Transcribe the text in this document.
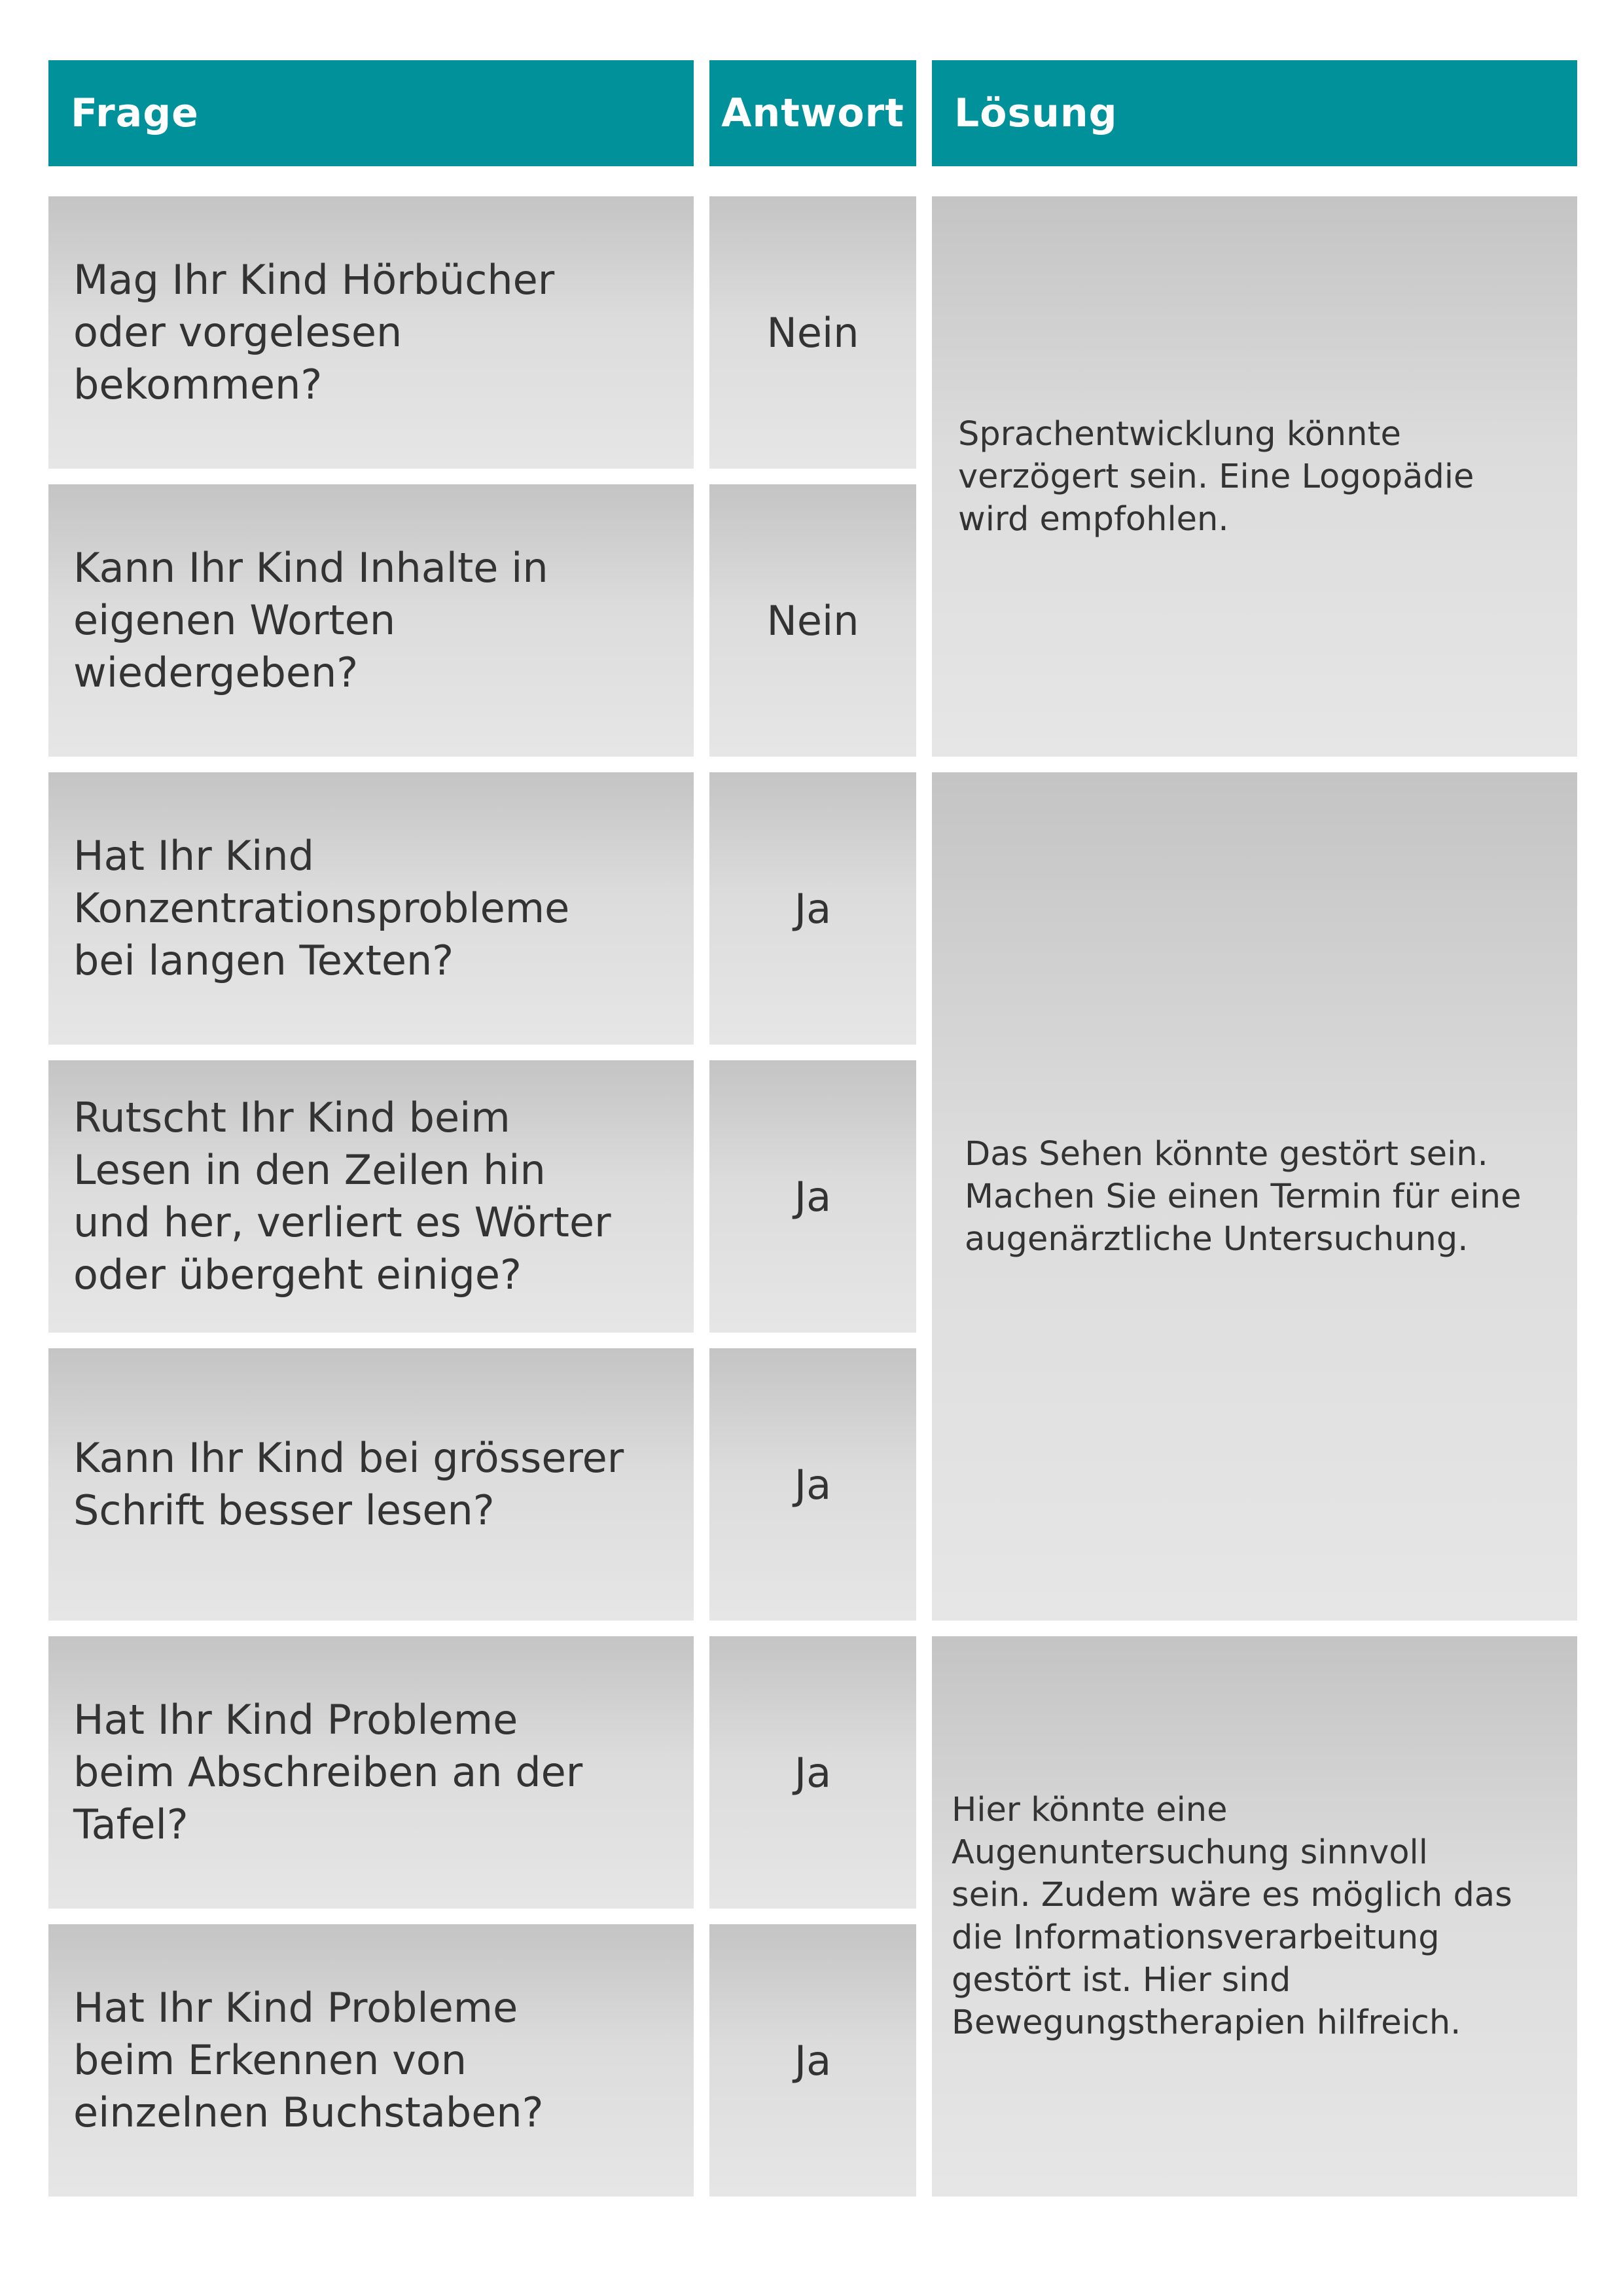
Frage	Antwort Lösung
Mag Ihr Kind Hörbücher
oder vorgelesen
bekommen?
Nein
Kann Ihr Kind Inhalte in
eigenen Worten
wiedergeben?
Nein
Sprachentwicklung könnte
verzögert sein. Eine Logopädie
wird empfohlen.
Hat Ihr Kind
Konzentrationsprobleme
bei langen Texten?
Ja
Rutscht Ihr Kind beim
Lesen in den Zeilen hin
und her, verliert es Wörter
oder übergeht einige?
Ja
Kann Ihr Kind bei grösserer
Schrift besser lesen?
Ja
Das Sehen könnte gestört sein.
Machen Sie einen Termin für eine
augenärztliche Untersuchung.
Hat Ihr Kind Probleme
beim Abschreiben an der
Tafel?
Ja
Hat Ihr Kind Probleme
beim Erkennen von
einzelnen Buchstaben?
Ja
Hier könnte eine
Augenuntersuchung sinnvoll
sein. Zudem wäre es möglich das
die Informationsverarbeitung
gestört ist. Hier sind
Bewegungstherapien hilfreich.
